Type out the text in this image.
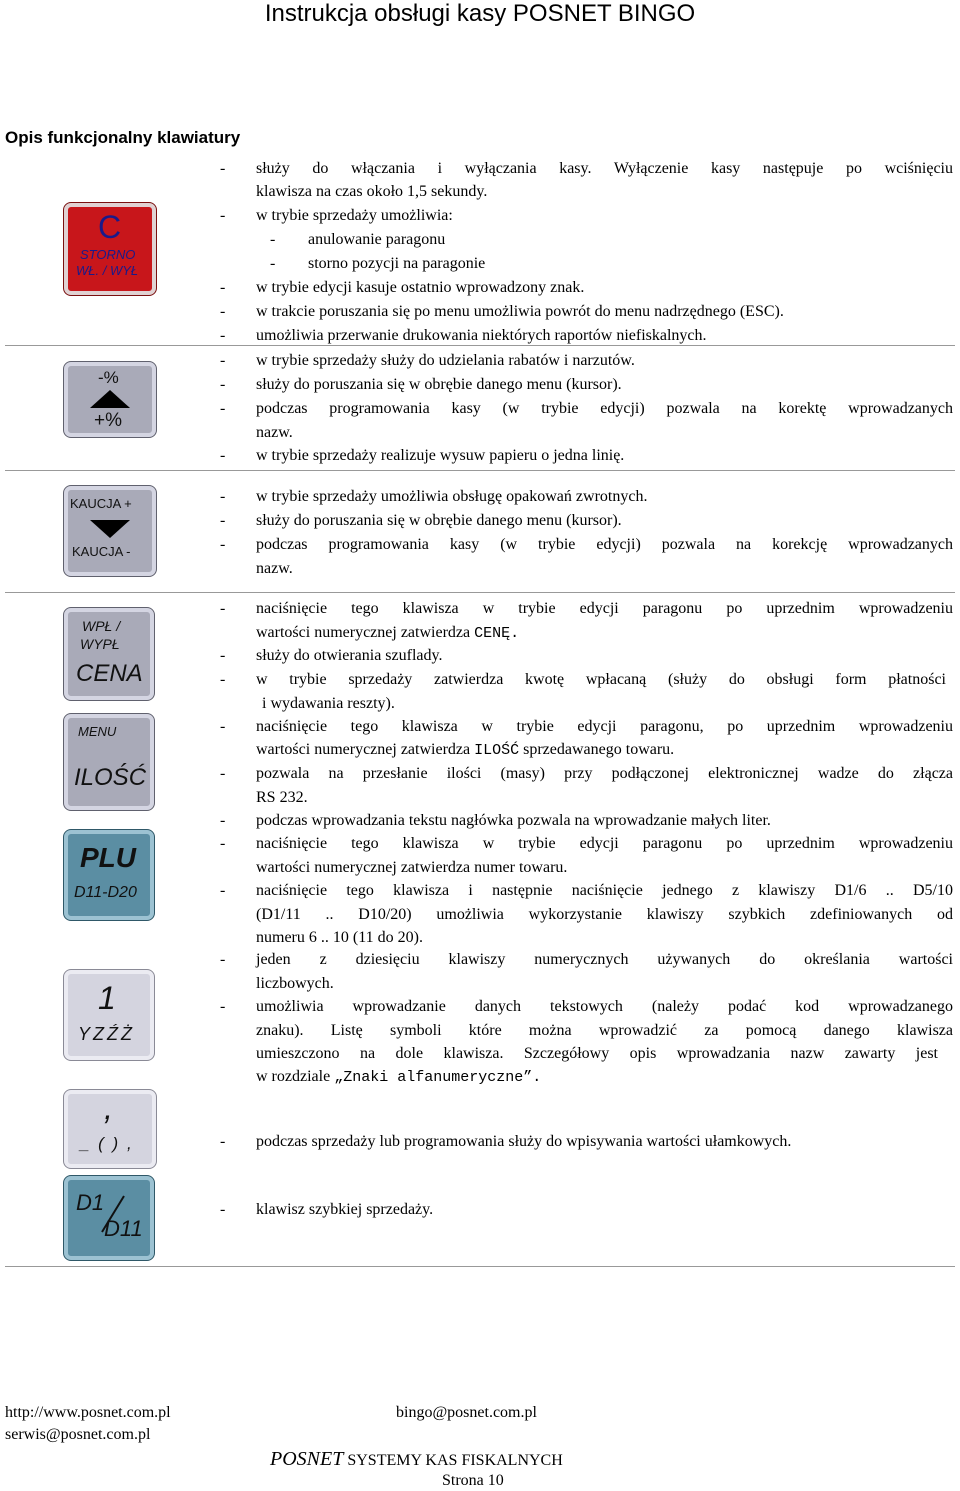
Instrukcja obsługi kasy POSNET BINGO
Opis funkcjonalny klawiatury
C
STORNO
WŁ. / WYŁ
- służy do włączania i wyłączania kasy. Wyłączenie kasy następuje po wciśnięciu
klawisza na czas około 1,5 sekundy.
- w trybie sprzedaży umożliwia:
- anulowanie paragonu
- storno pozycji na paragonie
- w trybie edycji kasuje ostatnio wprowadzony znak.
- w trakcie poruszania się po menu umożliwia powrót do menu nadrzędnego (ESC).
- umożliwia przerwanie drukowania niektórych raportów niefiskalnych.
-%
+%
- w trybie sprzedaży służy do udzielania rabatów i narzutów.
- służy do poruszania się w obrębie danego menu (kursor).
- podczas programowania kasy (w trybie edycji) pozwala na korektę wprowadzanych
nazw.
- w trybie sprzedaży realizuje wysuw papieru o jedna linię.
KAUCJA +
KAUCJA -
- w trybie sprzedaży umożliwia obsługę opakowań zwrotnych.
- służy do poruszania się w obrębie danego menu (kursor).
- podczas programowania kasy (w trybie edycji) pozwala na korekcję wprowadzanych
nazw.
WPŁ /
WYPŁ
CENA
MENU
ILOŚĆ
- naciśnięcie tego klawisza w trybie edycji paragonu po uprzednim wprowadzeniu
wartości numerycznej zatwierdza CENĘ.
- służy do otwierania szuflady.
- w trybie sprzedaży zatwierdza kwotę wpłacaną (służy do obsługi form płatności
i wydawania reszty).
- naciśnięcie tego klawisza w trybie edycji paragonu, po uprzednim wprowadzeniu
wartości numerycznej zatwierdza ILOŚĆ sprzedawanego towaru.
- pozwala na przesłanie ilości (masy) przy podłączonej elektronicznej wadze do złącza
RS 232.
- podczas wprowadzania tekstu nagłówka pozwala na wprowadzanie małych liter.
PLU
D11-D20
- naciśnięcie tego klawisza w trybie edycji paragonu po uprzednim wprowadzeniu
wartości numerycznej zatwierdza numer towaru.
- naciśnięcie tego klawisza i następnie naciśnięcie jednego z klawiszy D1/6 .. D5/10
(D1/11 .. D10/20) umożliwia wykorzystanie klawiszy szybkich zdefiniowanych od
numeru 6 .. 10 (11 do 20).
1
YZŹŻ
- jeden z dziesięciu klawiszy numerycznych używanych do określania wartości
liczbowych.
- umożliwia wprowadzanie danych tekstowych (należy podać kod wprowadzanego
znaku). Listę symboli które można wprowadzić za pomocą danego klawisza
umieszczono na dole klawisza. Szczegółowy opis wprowadzania nazw zawarty jest
w rozdziale „Znaki alfanumeryczne”.
,
_ ( ) ,	- podczas sprzedaży lub programowania służy do wpisywania wartości ułamkowych.
D1
D11
- klawisz szybkiej sprzedaży.
http://www.posnet.com.pl
serwis@posnet.com.pl
bingo@posnet.com.pl
POSNET SYSTEMY KAS FISKALNYCH
Strona 10
